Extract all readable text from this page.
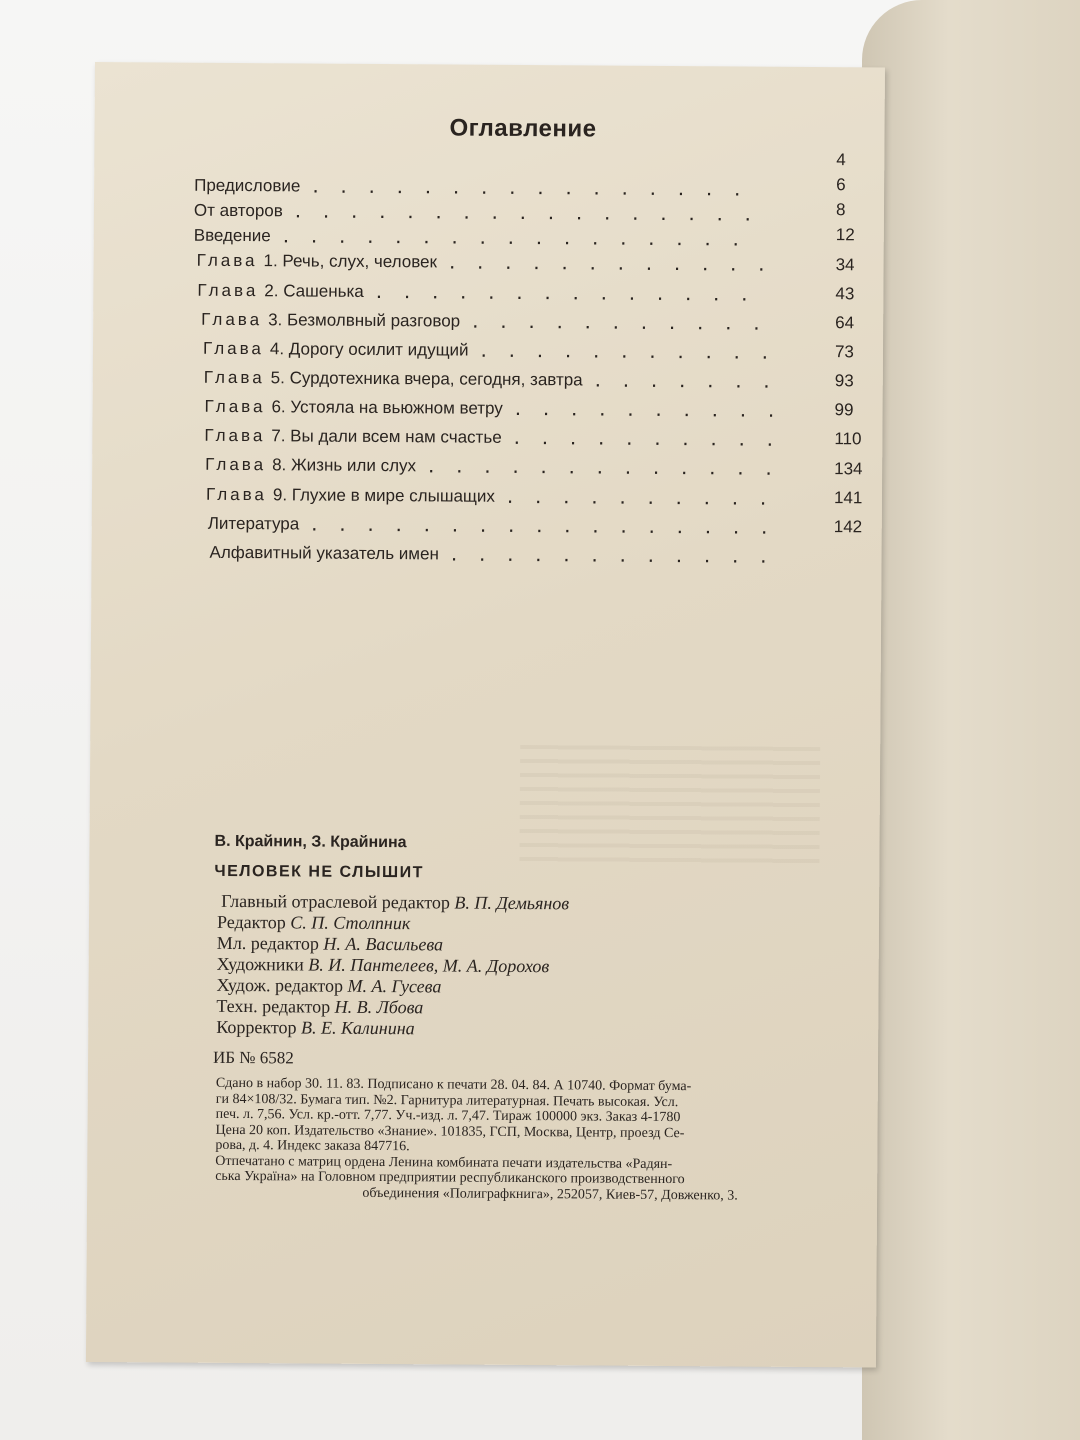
Оглавление
Предисловие ................
4
От авторов .................
6
Введение .................
8
Глава 1. Речь, слух, человек ............
12
Глава 2. Сашенька ..............
34
Глава 3. Безмолвный разговор ...........
43
Глава 4. Дорогу осилит идущий ...........
64
Глава 5. Сурдотехника вчера, сегодня, завтра .......
73
Глава 6. Устояла на вьюжном ветру ..........
93
Глава 7. Вы дали всем нам счастье ..........
99
Глава 8. Жизнь или слух .............
110
Глава 9. Глухие в мире слышащих ..........
134
Литература .................
141
Алфавитный указатель имен ............
142
В. Крайнин, З. Крайнина
ЧЕЛОВЕК НЕ СЛЫШИТ
Главный отраслевой редактор В. П. Демьянов
Редактор С. П. Столпник
Мл. редактор Н. А. Васильева
Художники В. И. Пантелеев, М. А. Дорохов
Худож. редактор М. А. Гусева
Техн. редактор Н. В. Лбова
Корректор В. Е. Калинина
ИБ № 6582
Сдано в набор 30. 11. 83. Подписано к печати 28. 04. 84. А 10740. Формат бума-
ги 84×108/32. Бумага тип. №2. Гарнитура литературная. Печать высокая. Усл.
печ. л. 7,56. Усл. кр.-отт. 7,77. Уч.-изд. л. 7,47. Тираж 100000 экз. Заказ 4-1780
Цена 20 коп. Издательство «Знание». 101835, ГСП, Москва, Центр, проезд Се-
рова, д. 4. Индекс заказа 847716.
Отпечатано с матриц ордена Ленина комбината печати издательства «Радян-
ська Україна» на Головном предприятии республиканского производственного
объединения «Полиграфкнига», 252057, Киев-57, Довженко, 3.
